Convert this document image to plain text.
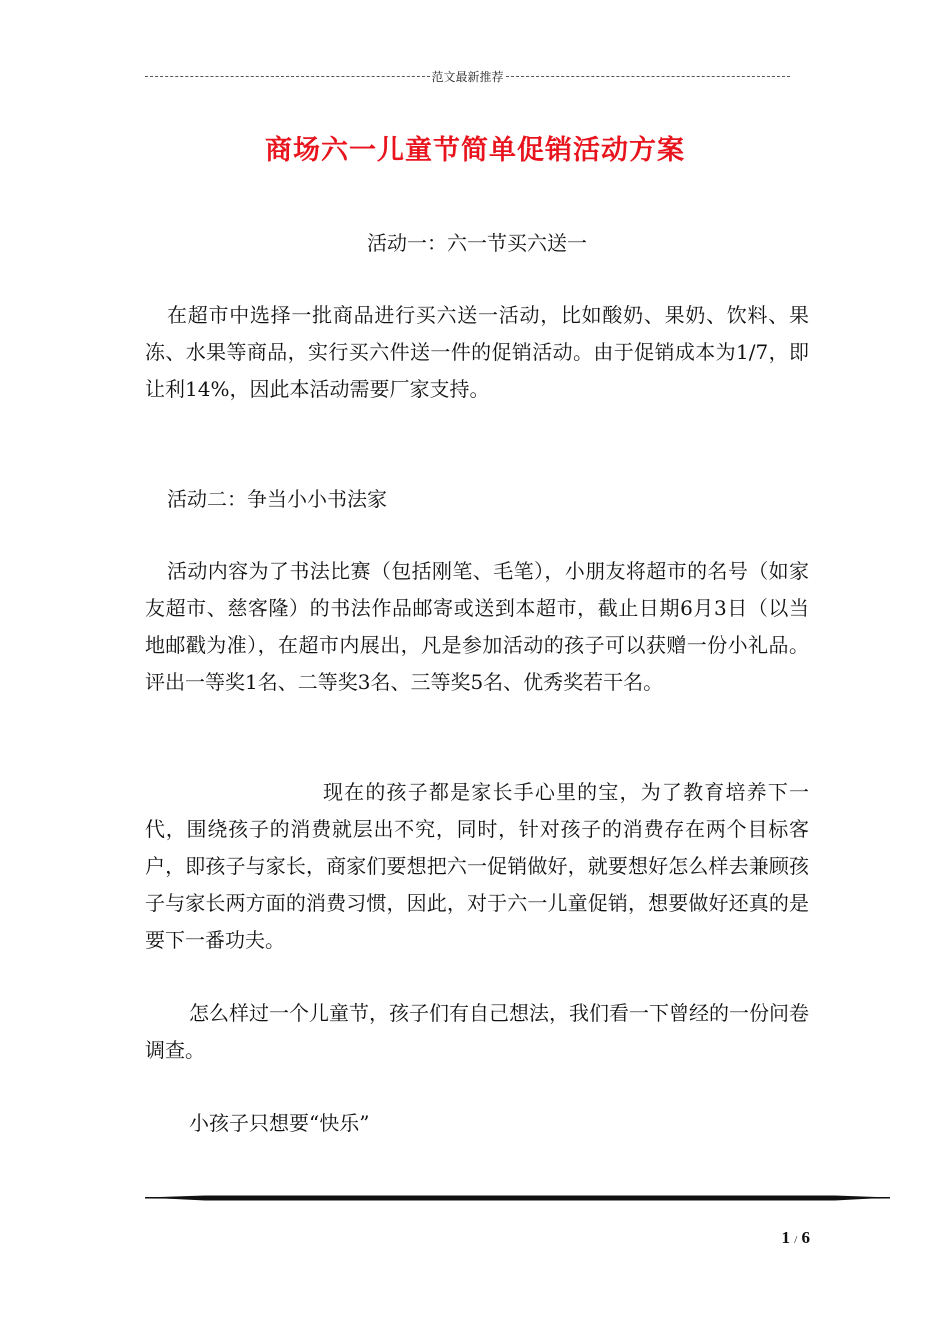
范文最新推荐
商场六一儿童节简单促销活动方案

活动一：六一节买六送一

在超市中选择一批商品进行买六送一活动，比如酸奶、果奶、饮料、果冻、水果等商品，实行买六件送一件的促销活动。由于促销成本为1/7，即让利14%，因此本活动需要厂家支持。

活动二：争当小小书法家

活动内容为了书法比赛（包括刚笔、毛笔），小朋友将超市的名号（如家友超市、慈客隆）的书法作品邮寄或送到本超市，截止日期6月3日（以当地邮戳为准），在超市内展出，凡是参加活动的孩子可以获赠一份小礼品。评出一等奖1名、二等奖3名、三等奖5名、优秀奖若干名。

现在的孩子都是家长手心里的宝，为了教育培养下一代，围绕孩子的消费就层出不究，同时，针对孩子的消费存在两个目标客户，即孩子与家长，商家们要想把六一促销做好，就要想好怎么样去兼顾孩子与家长两方面的消费习惯，因此，对于六一儿童促销，想要做好还真的是要下一番功夫。

怎么样过一个儿童节，孩子们有自己想法，我们看一下曾经的一份问卷调查。

小孩子只想要“快乐”

1 / 6
